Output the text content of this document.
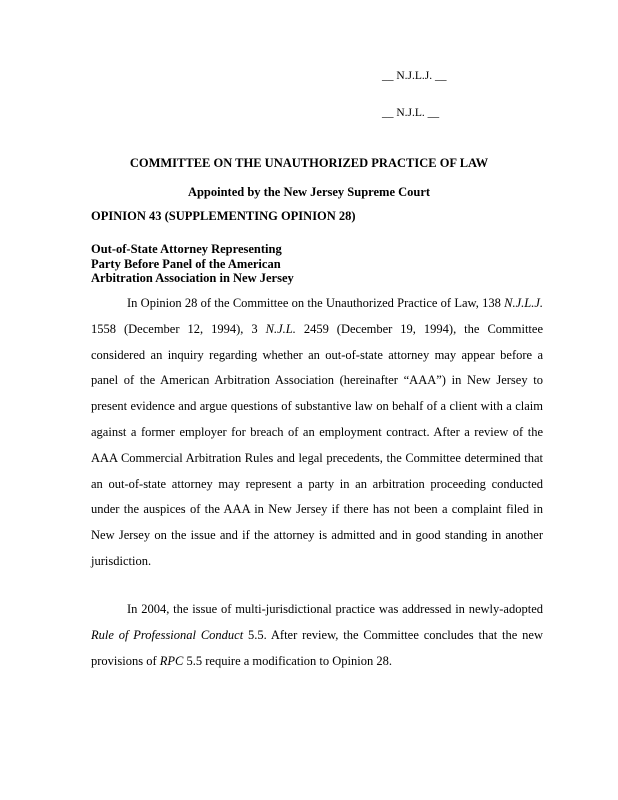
__ N.J.L.J. __
__ N.J.L. __
COMMITTEE ON THE UNAUTHORIZED PRACTICE OF LAW
Appointed by the New Jersey Supreme Court
OPINION 43 (SUPPLEMENTING OPINION 28)
Out-of-State Attorney Representing
Party Before Panel of the American
Arbitration Association in New Jersey

In Opinion 28 of the Committee on the Unauthorized Practice of Law, 138 N.J.L.J. 1558 (December 12, 1994), 3 N.J.L. 2459 (December 19, 1994), the Committee considered an inquiry regarding whether an out-of-state attorney may appear before a panel of the American Arbitration Association (hereinafter “AAA”) in New Jersey to present evidence and argue questions of substantive law on behalf of a client with a claim against a former employer for breach of an employment contract. After a review of the AAA Commercial Arbitration Rules and legal precedents, the Committee determined that an out-of-state attorney may represent a party in an arbitration proceeding conducted under the auspices of the AAA in New Jersey if there has not been a complaint filed in New Jersey on the issue and if the attorney is admitted and in good standing in another jurisdiction.

In 2004, the issue of multi-jurisdictional practice was addressed in newly-adopted Rule of Professional Conduct 5.5. After review, the Committee concludes that the new provisions of RPC 5.5 require a modification to Opinion 28.
